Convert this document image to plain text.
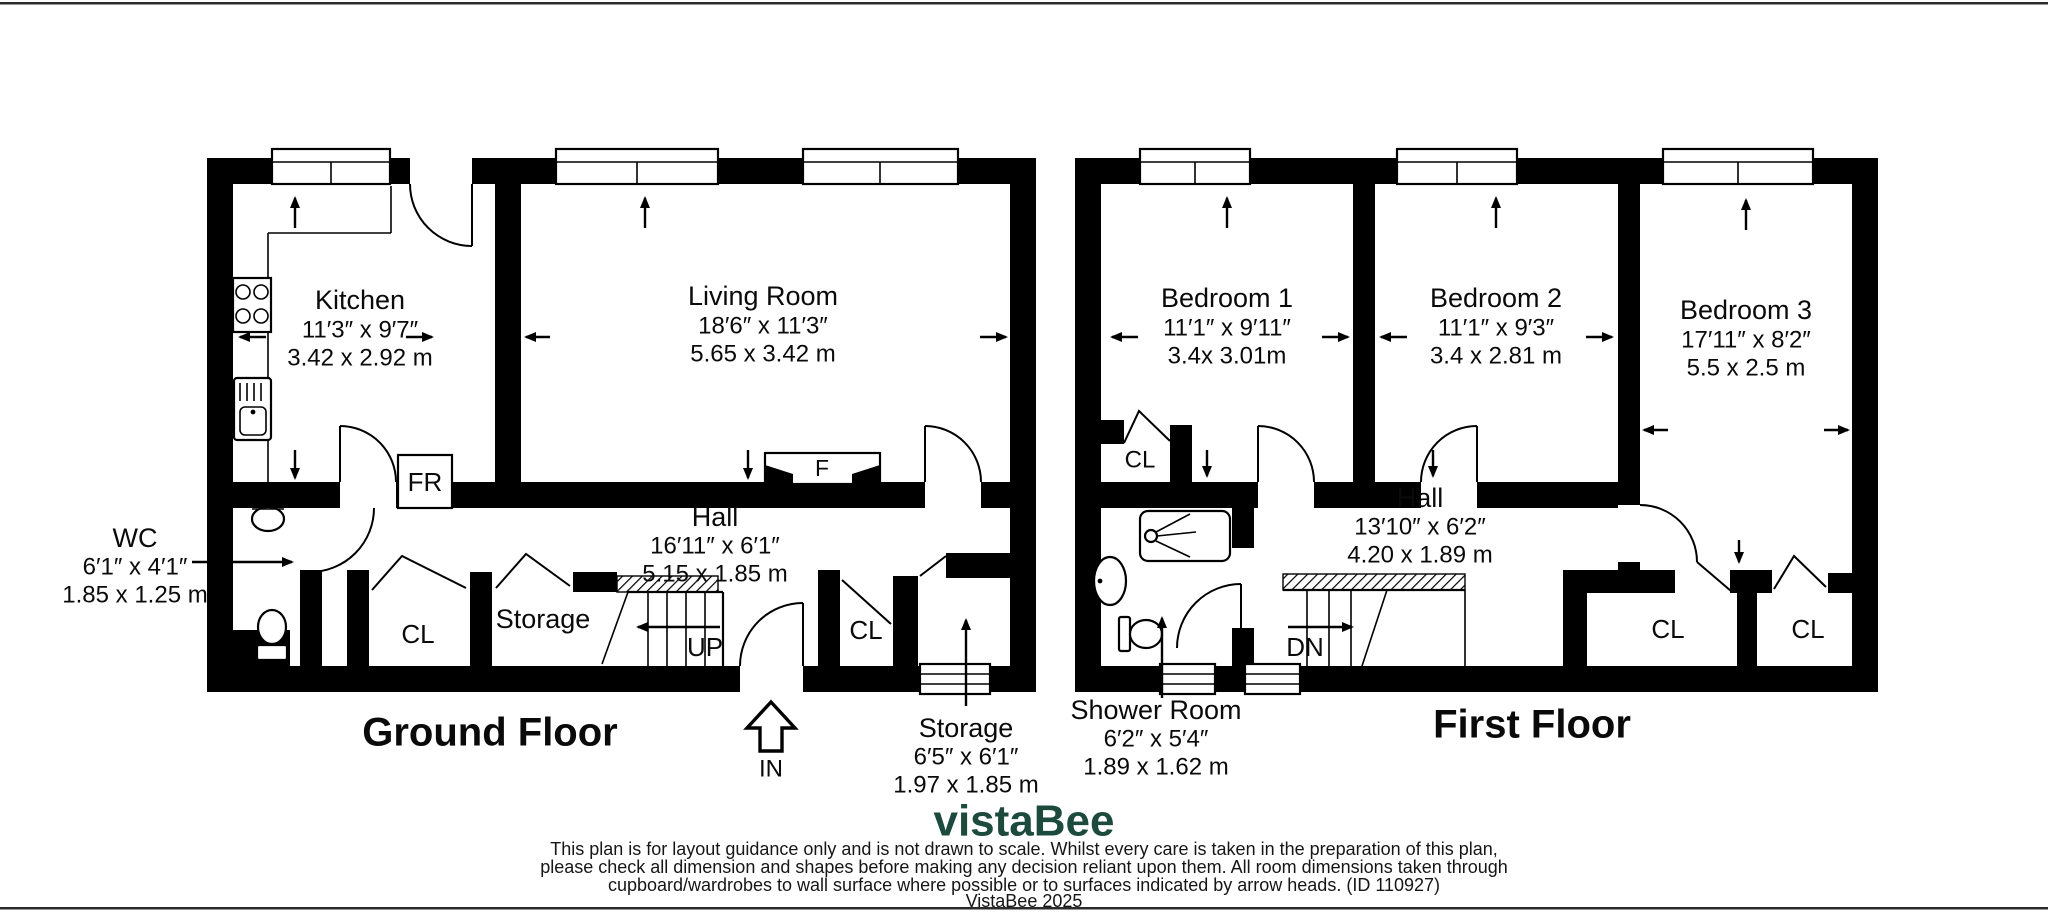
FR	F
UP
Kitchen
11′3″ x 9′7″
3.42 x 2.92 m
Living Room
18′6″ x 11′3″
5.65 x 3.42 m
Hall
16′11″ x 6′1″
5.15 x 1.85 m
WC
6′1″ x 4′1″
1.85 x 1.25 m
CL Storage	CL
Storage
6′5″ x 6′1″
1.97 x 1.85 m
Ground Floor
IN
DN
Bedroom 1
11′1″ x 9′11″
3.4x 3.01m
Bedroom 2
11′1″ x 9′3″
3.4 x 2.81 m
Bedroom 3
17′11″ x 8′2″
5.5 x 2.5 m
Hall
13′10″ x 6′2″
4.20 x 1.89 m
CL
CL	CL
Shower Room
6′2″ x 5′4″
1.89 x 1.62 m
First Floor
vistaBee
This plan is for layout guidance only and is not drawn to scale. Whilst every care is taken in the preparation of this plan,
please check all dimension and shapes before making any decision reliant upon them. All room dimensions taken through
cupboard/wardrobes to wall surface where possible or to surfaces indicated by arrow heads. (ID 110927)
VistaBee 2025
